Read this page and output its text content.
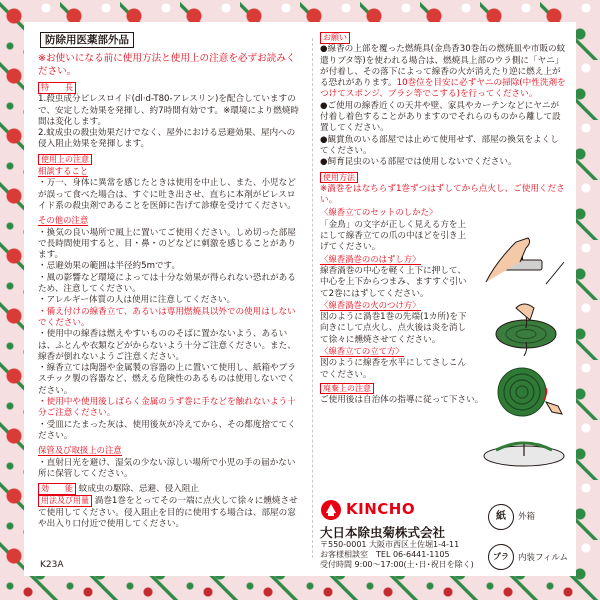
防除用医薬部外品

※お使いになる前に使用方法と使用上の注意を必ずお読みください。

特　　長

1.殺虫成分ピレスロイド(dl·d-T80-アレスリン)を配合していますので、安定した効果を発揮し、約7時間有効です。※環境により燃焼時間は変化します。

2.蚊成虫の殺虫効果だけでなく、屋外における忌避効果、屋内への侵入阻止効果を発揮します。

使用上の注意
相談すること

・万一、身体に異常を感じたときは使用を中止し、また、小児などが誤って食べた場合は、すぐに吐き出させ、直ちに本剤がピレスロイド系の殺虫剤であることを医師に告げて診療を受けてください。

その他の注意

・換気の良い場所で風上に置いてご使用ください。しめ切った部屋で長時間使用すると、目・鼻・のどなどに刺激を感じることがあります。

・忌避効果の範囲は半径約5mです。

・風の影響など環境によっては十分な効果が得られない恐れがあるため、注意してください。

・アレルギー体質の人は使用に注意してください。

・備え付けの線香立て、あるいは専用燃焼具以外での使用はしないでください。

・使用中の線香は燃えやすいもののそばに置かないよう、あるいは、ふとんや衣類などがからないよう十分ご注意ください。また、線香が倒れないようご注意ください。

・線香立ては陶器や金属製の容器の上に置いて使用し、紙箱やプラスチック製の容器など、燃える危険性のあるものは使用しないでください。

・使用中や使用後しばらく金属のうず巻に手などを触れないよう十分ご注意ください。

・受皿にたまった灰は、使用後灰が冷えてから、その都度捨ててください。

保管及び取扱上の注意

・直射日光を避け、湿気の少ない涼しい場所で小児の手の届かない所に保管してください。

効　　能 蚊成虫の駆除、忌避、侵入阻止

用法及び用量 渦巻1巻をとってその一端に点火して徐々に燻焼させて使用してください。侵入阻止を目的に使用する場合は、部屋の窓や出入り口付近で使用してください。

K23A
お願い

●線香の上部を覆った燃焼具(金鳥香30巻缶の燃焼皿や市販の蚊遣りブタ等)を使われる場合は、燃焼具上部のウラ側に「ヤニ」が付着し、その落下によって線香の火が消えたり逆に燃え上がる恐れがあります。10巻位を目安に必ずヤニの掃除(中性洗剤をつけてスポンジ、ブラシ等でこする)を行ってください。

●ご使用の線香近くの天井や壁、家具やカーテンなどにヤニが付着し着色することがありますのでそれらのものから離して設置してください。

●観賞魚のいる部屋では止めて使用せず、部屋の換気をよくしてください。

●飼育昆虫のいる部屋では使用しないでください。

使用方法

※渦巻をはなちらず1巻ずつはずしてから点火し、ご使用ください。

〈線香立てのセットのしかた〉

「金鳥」の文字が正しく見える方を上にして線香立ての爪の中ほどを引き上げてください。

〈線香渦巻ののはずし方〉

線香渦巻の中心を軽く上下に押して、中心を上下からつまみ、ますすぐ引いて2巻にはずしてください。

〈線香渦巻の火のつけ方〉

図のように渦巻1巻の先端(1カ所)を下向きにして点火し、点火後は炎を消して徐々に燻焼させてください。

〈線香立ての立て方〉

図のように線香を水平にしてさしこんでください。

廃棄上の注意

ご使用後は自治体の指導に従って下さい。

KINCHO
大日本除虫菊株式会社
〒550-0001 大阪市西区土佐堀1-4-11
お客様相談室　TEL 06-6441-1105
受付時間 9:00〜17:00(土･日･祝日を除く)
紙	外箱
プラ	内装フィルム
